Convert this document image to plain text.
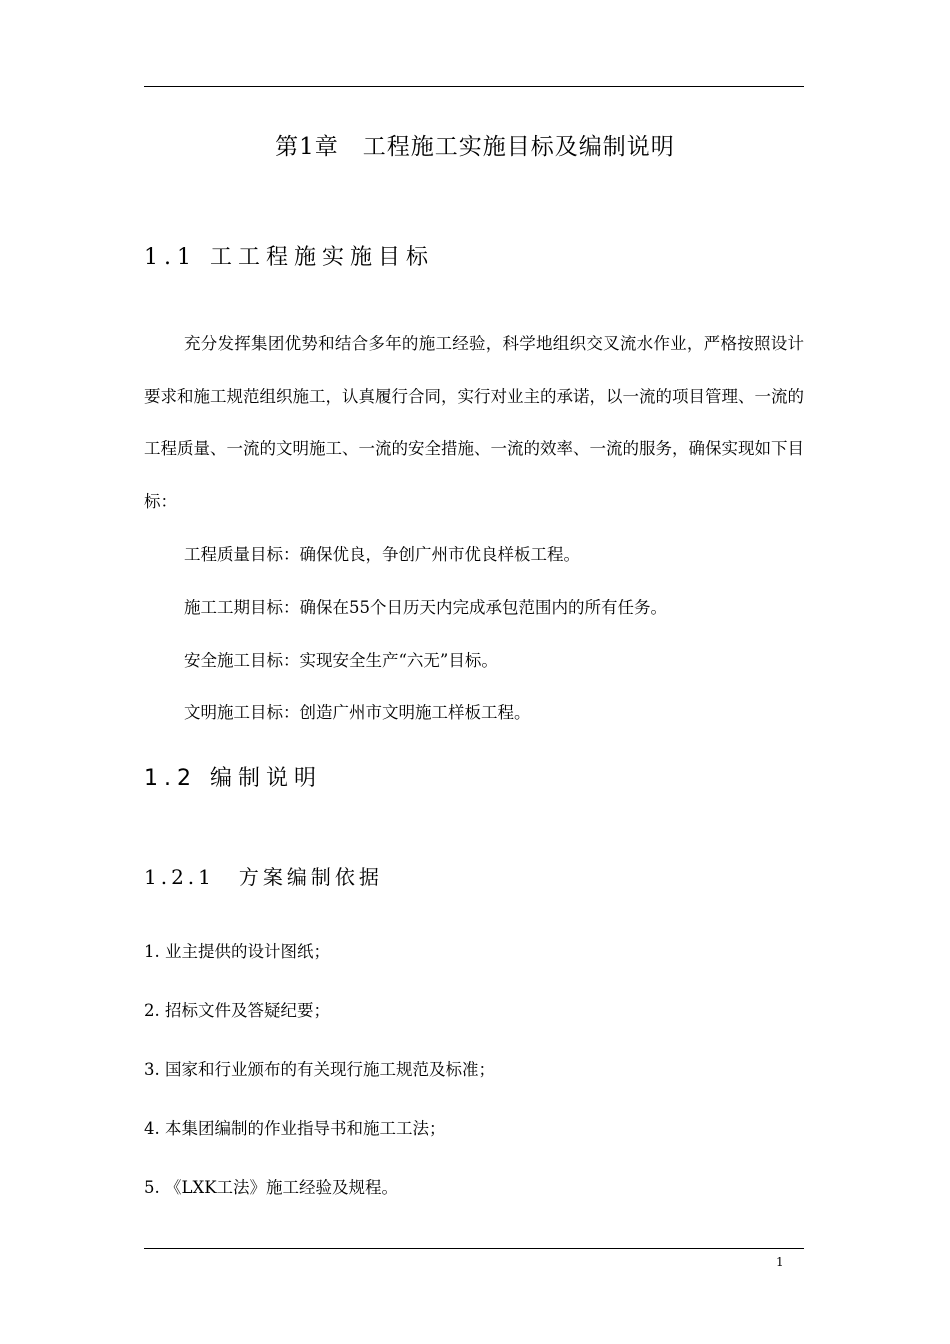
第1章　工程施工实施目标及编制说明
1.1 工工程施实施目标

充分发挥集团优势和结合多年的施工经验，科学地组织交叉流水作业，严格按照设计要求和施工规范组织施工，认真履行合同，实行对业主的承诺，以一流的项目管理、一流的工程质量、一流的文明施工、一流的安全措施、一流的效率、一流的服务，确保实现如下目标：

工程质量目标：确保优良，争创广州市优良样板工程。
施工工期目标：确保在55个日历天内完成承包范围内的所有任务。
安全施工目标：实现安全生产“六无”目标。
文明施工目标：创造广州市文明施工样板工程。
1.2 编制说明
1.2.1　方案编制依据
1. 业主提供的设计图纸；
2. 招标文件及答疑纪要；
3. 国家和行业颁布的有关现行施工规范及标准；
4. 本集团编制的作业指导书和施工工法；
5. 《LXK工法》施工经验及规程。
1
